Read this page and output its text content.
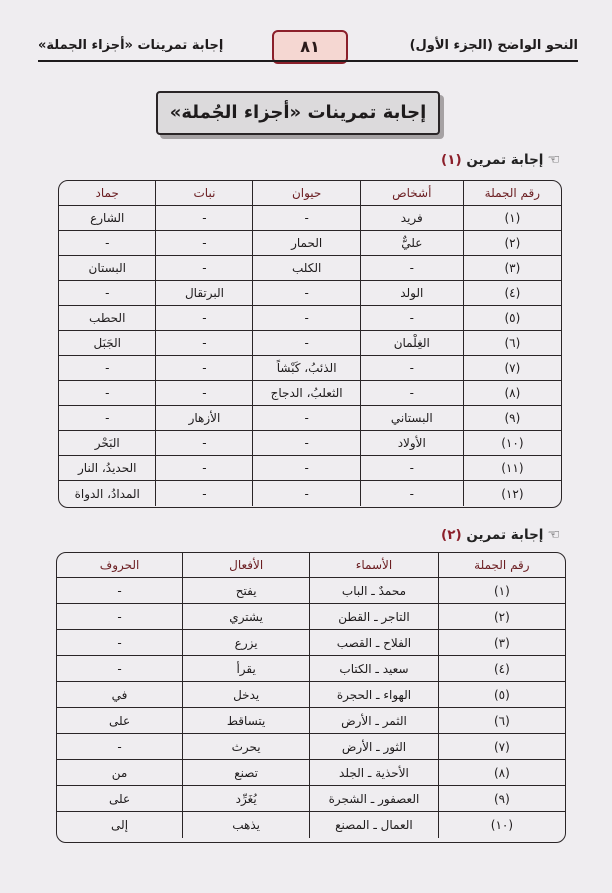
النحو الواضح (الجزء الأول)
٨١
إجابة تمرينات «أجزاء الجملة»
إجابة تمرينات «أجزاء الجُملة»
☜إجابة تمرين (١)
رقم الجملة	أشخاص	حيوان	نبات	جماد
(١)	فريد	-	-	الشارع
(٢)	عليٌّ	الحمار	-	-
(٣)	-	الكلب	-	البستان
(٤)	الولد	-	البرتقال	-
(٥)	-	-	-	الحطب
(٦)	الغِلْمان	-	-	الجَبَل
(٧)	-	الذئبُ، كَبْشاً	-	-
(٨)	-	الثعلبُ، الدجاج	-	-
(٩)	البستاني	-	الأزهار	-
(١٠)	الأولاد	-	-	البَحْر
(١١)	-	-	-	الحديدُ، النار
(١٢)	-	-	-	المدادُ، الدواة
☜إجابة تمرين (٢)
رقم الجملة	الأسماء	الأفعال	الحروف
(١)	محمدٌ ـ الباب	يفتح	-
(٢)	التاجر ـ القطن	يشتري	-
(٣)	الفلاح ـ القصب	يزرع	-
(٤)	سعيد ـ الكتاب	يقرأ	-
(٥)	الهواء ـ الحجرة	يدخل	في
(٦)	الثمر ـ الأرض	يتساقط	على
(٧)	الثور ـ الأرض	يحرث	-
(٨)	الأحذية ـ الجلد	تصنع	من
(٩)	العصفور ـ الشجرة	يُغَرِّد	على
(١٠)	العمال ـ المصنع	يذهب	إلى
